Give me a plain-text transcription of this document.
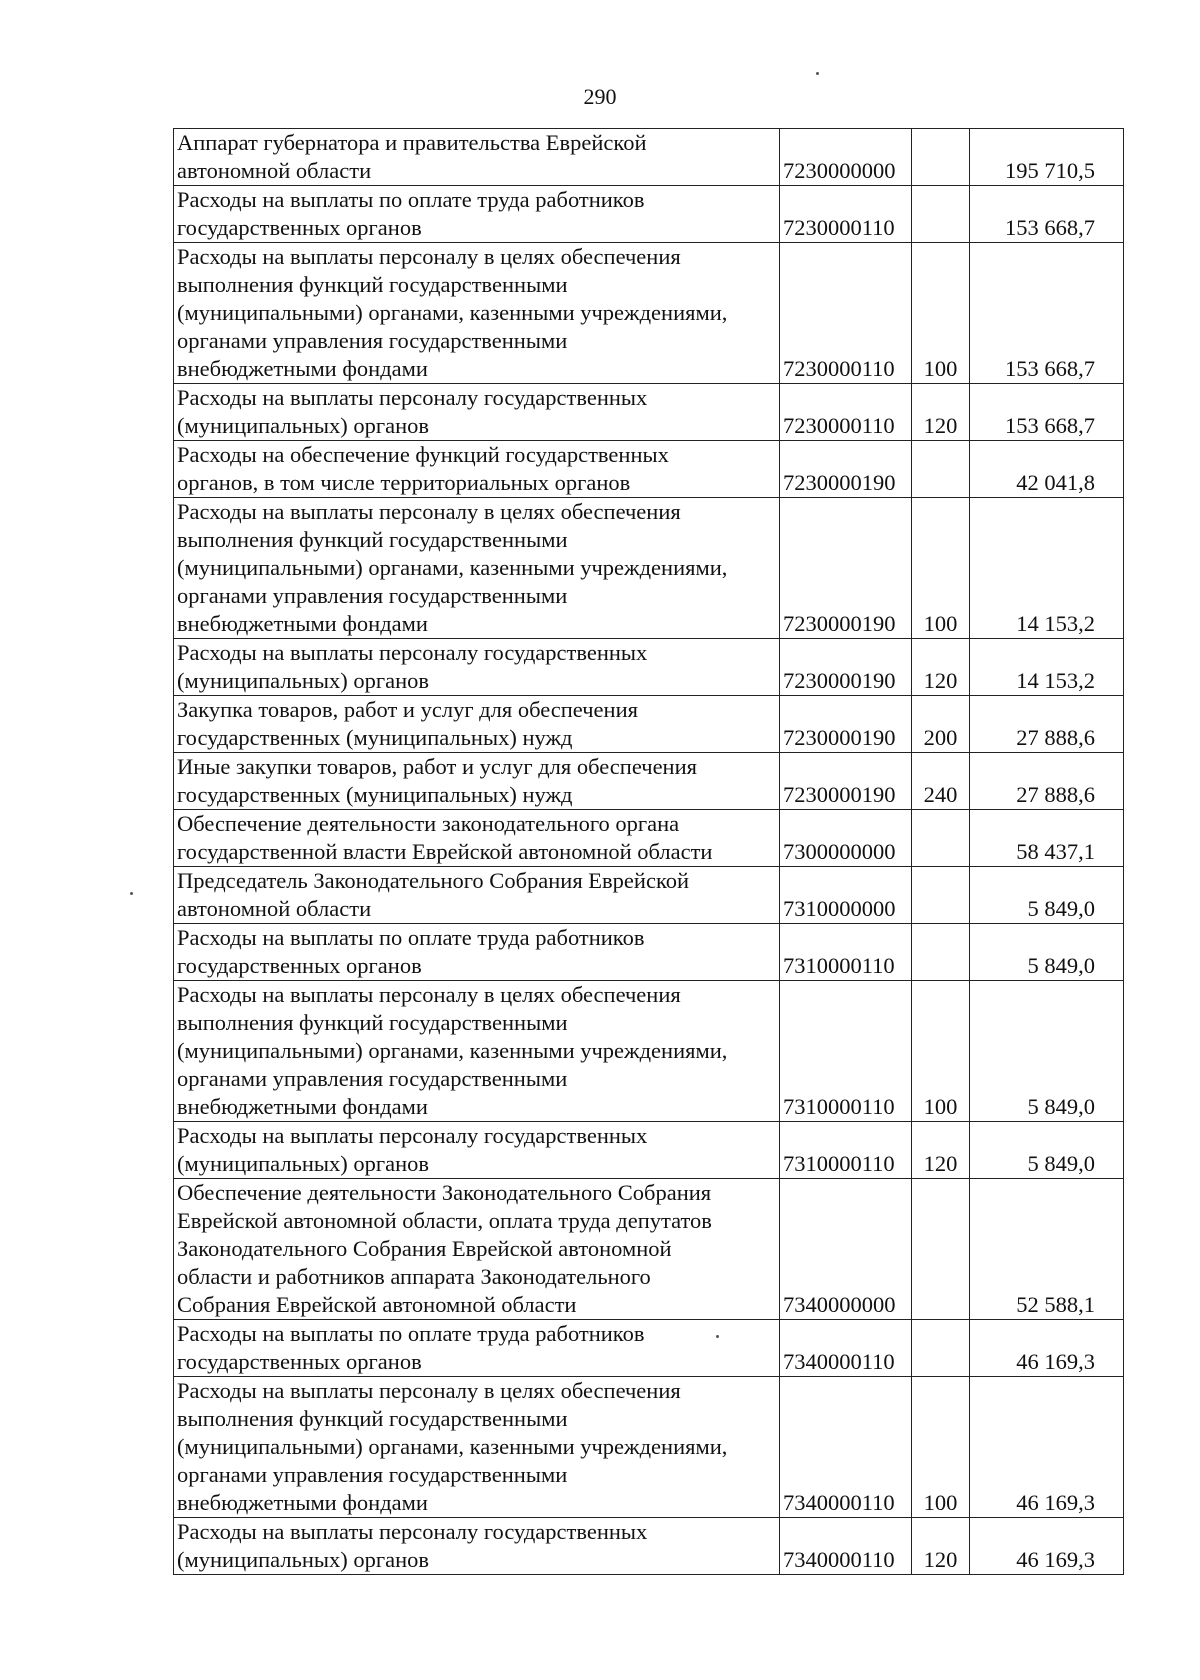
290
Аппарат губернатора и правительства Еврейской
автономной области	7230000000		195 710,5
Расходы на выплаты по оплате труда работников
государственных органов	7230000110		153 668,7
Расходы на выплаты персоналу в целях обеспечения
выполнения функций государственными
(муниципальными) органами, казенными учреждениями,
органами управления государственными
внебюджетными фондами	7230000110	100	153 668,7
Расходы на выплаты персоналу государственных
(муниципальных) органов	7230000110	120	153 668,7
Расходы на обеспечение функций государственных
органов, в том числе территориальных органов	7230000190		42 041,8
Расходы на выплаты персоналу в целях обеспечения
выполнения функций государственными
(муниципальными) органами, казенными учреждениями,
органами управления государственными
внебюджетными фондами	7230000190	100	14 153,2
Расходы на выплаты персоналу государственных
(муниципальных) органов	7230000190	120	14 153,2
Закупка товаров, работ и услуг для обеспечения
государственных (муниципальных) нужд	7230000190	200	27 888,6
Иные закупки товаров, работ и услуг для обеспечения
государственных (муниципальных) нужд	7230000190	240	27 888,6
Обеспечение деятельности законодательного органа
государственной власти Еврейской автономной области	7300000000		58 437,1
Председатель Законодательного Собрания Еврейской
автономной области	7310000000		5 849,0
Расходы на выплаты по оплате труда работников
государственных органов	7310000110		5 849,0
Расходы на выплаты персоналу в целях обеспечения
выполнения функций государственными
(муниципальными) органами, казенными учреждениями,
органами управления государственными
внебюджетными фондами	7310000110	100	5 849,0
Расходы на выплаты персоналу государственных
(муниципальных) органов	7310000110	120	5 849,0
Обеспечение деятельности Законодательного Собрания
Еврейской автономной области, оплата труда депутатов
Законодательного Собрания Еврейской автономной
области и работников аппарата Законодательного
Собрания Еврейской автономной области	7340000000		52 588,1
Расходы на выплаты по оплате труда работников
государственных органов	7340000110		46 169,3
Расходы на выплаты персоналу в целях обеспечения
выполнения функций государственными
(муниципальными) органами, казенными учреждениями,
органами управления государственными
внебюджетными фондами	7340000110	100	46 169,3
Расходы на выплаты персоналу государственных
(муниципальных) органов	7340000110	120	46 169,3
